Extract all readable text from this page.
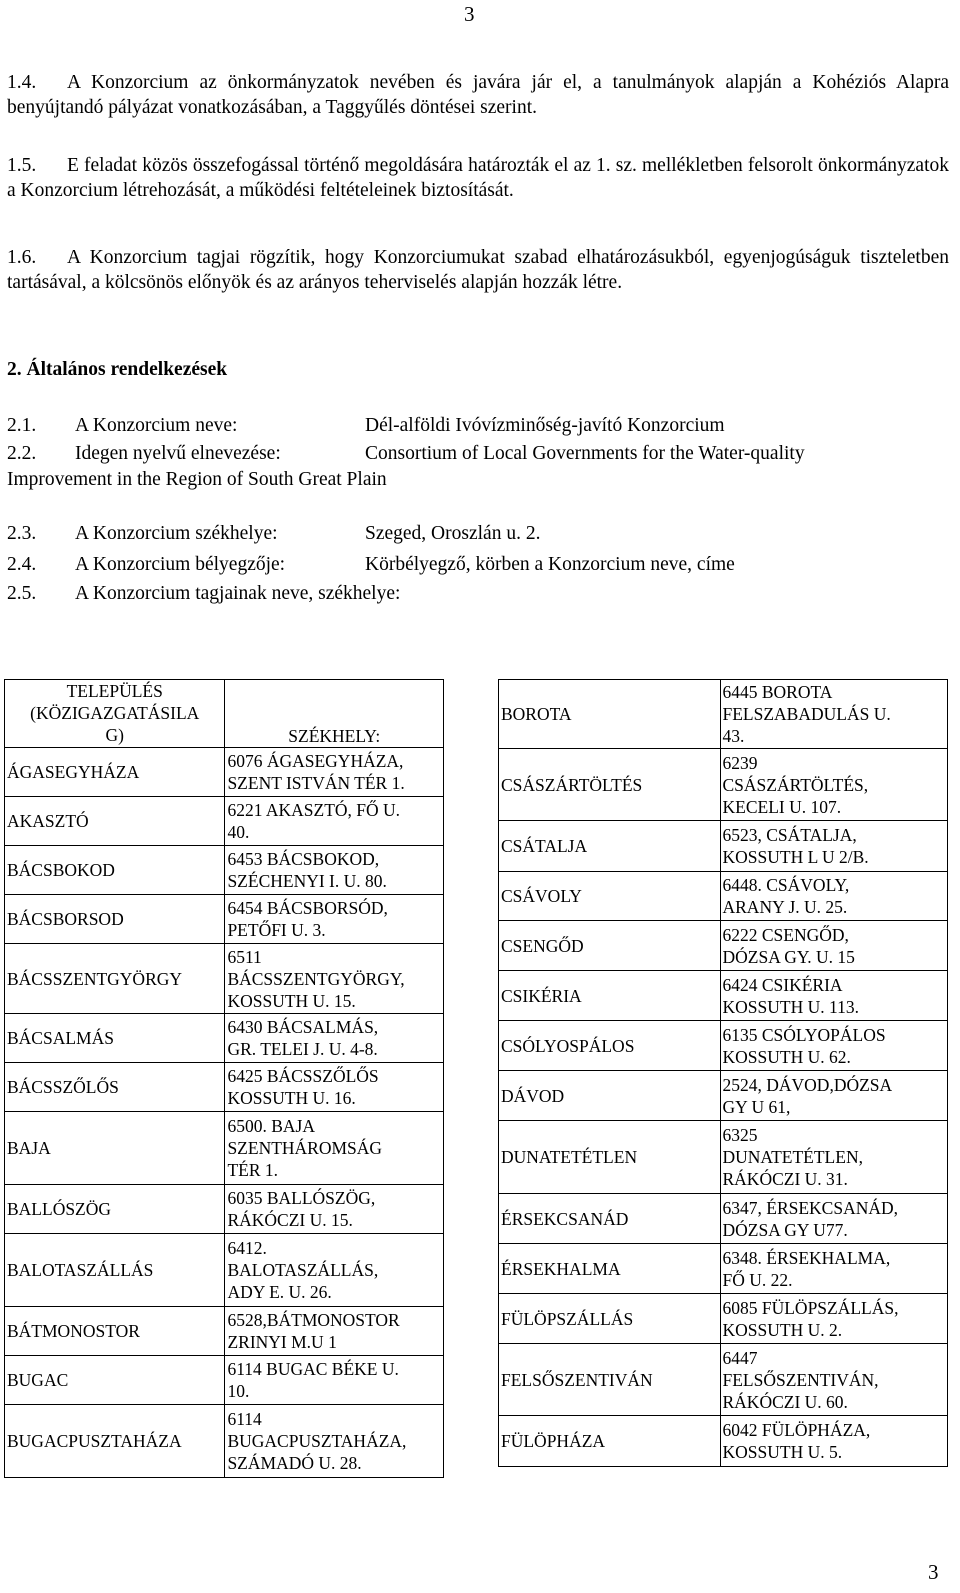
3
1.4. A Konzorcium az önkormányzatok nevében és javára jár el, a tanulmányok alapján a Kohéziós Alapra benyújtandó pályázat vonatkozásában, a Taggyűlés döntései szerint.
1.5. E feladat közös összefogással történő megoldására határozták el az 1. sz. mellékletben felsorolt önkormányzatok a Konzorcium létrehozását, a működési feltételeinek biztosítását.
1.6. A Konzorcium tagjai rögzítik, hogy Konzorciumukat szabad elhatározásukból, egyenjogúságuk tiszteletben tartásával, a kölcsönös előnyök és az arányos teherviselés alapján hozzák létre.
2. Általános rendelkezések
2.1. A Konzorcium neve:	Dél-alföldi Ivóvízminőség-javító Konzorcium
2.2. Idegen nyelvű elnevezése:	Consortium of Local Governments for the Water-quality
Improvement in the Region of South Great Plain
2.3. A Konzorcium székhelye:	Szeged, Oroszlán u. 2.
2.4. A Konzorcium bélyegzője:	Körbélyegző, körben a Konzorcium neve, címe
2.5. A Konzorcium tagjainak neve, székhelye:
TELEPÜLÉS
(KÖZIGAZGATÁSILA
G)	SZÉKHELY:
ÁGASEGYHÁZA	6076 ÁGASEGYHÁZA,
SZENT ISTVÁN TÉR 1.

AKASZTÓ	6221 AKASZTÓ, FŐ U.
40.

BÁCSBOKOD	6453 BÁCSBOKOD,
SZÉCHENYI I. U. 80.

BÁCSBORSOD	6454 BÁCSBORSÓD,
PETŐFI U. 3.

BÁCSSZENTGYÖRGY	6511
BÁCSSZENTGYÖRGY,
KOSSUTH U. 15.

BÁCSALMÁS	6430 BÁCSALMÁS,
GR. TELEI J. U. 4-8.

BÁCSSZŐLŐS	6425 BÁCSSZŐLŐS
KOSSUTH U. 16.

BAJA	6500. BAJA
SZENTHÁROMSÁG
TÉR 1.

BALLÓSZÖG	6035 BALLÓSZÖG,
RÁKÓCZI U. 15.

BALOTASZÁLLÁS	6412.
BALOTASZÁLLÁS,
ADY E. U. 26.

BÁTMONOSTOR	6528,BÁTMONOSTOR
ZRINYI M.U 1

BUGAC	6114 BUGAC BÉKE U.
10.

BUGACPUSZTAHÁZA	6114
BUGACPUSZTAHÁZA,
SZÁMADÓ U. 28.
BOROTA	6445 BOROTA
FELSZABADULÁS U.
43.

CSÁSZÁRTÖLTÉS	6239
CSÁSZÁRTÖLTÉS,
KECELI U. 107.

CSÁTALJA	6523, CSÁTALJA,
KOSSUTH L U 2/B.

CSÁVOLY	6448. CSÁVOLY,
ARANY J. U. 25.

CSENGŐD	6222 CSENGŐD,
DÓZSA GY. U. 15

CSIKÉRIA	6424 CSIKÉRIA
KOSSUTH U. 113.

CSÓLYOSPÁLOS	6135 CSÓLYOPÁLOS
KOSSUTH U. 62.

DÁVOD	2524, DÁVOD,DÓZSA
GY U 61,

DUNATETÉTLEN	6325
DUNATETÉTLEN,
RÁKÓCZI U. 31.

ÉRSEKCSANÁD	6347, ÉRSEKCSANÁD,
DÓZSA GY U77.

ÉRSEKHALMA	6348. ÉRSEKHALMA,
FŐ U. 22.

FÜLÖPSZÁLLÁS	6085 FÜLÖPSZÁLLÁS,
KOSSUTH U. 2.

FELSŐSZENTIVÁN	6447
FELSŐSZENTIVÁN,
RÁKÓCZI U. 60.

FÜLÖPHÁZA	6042 FÜLÖPHÁZA,
KOSSUTH U. 5.
3
